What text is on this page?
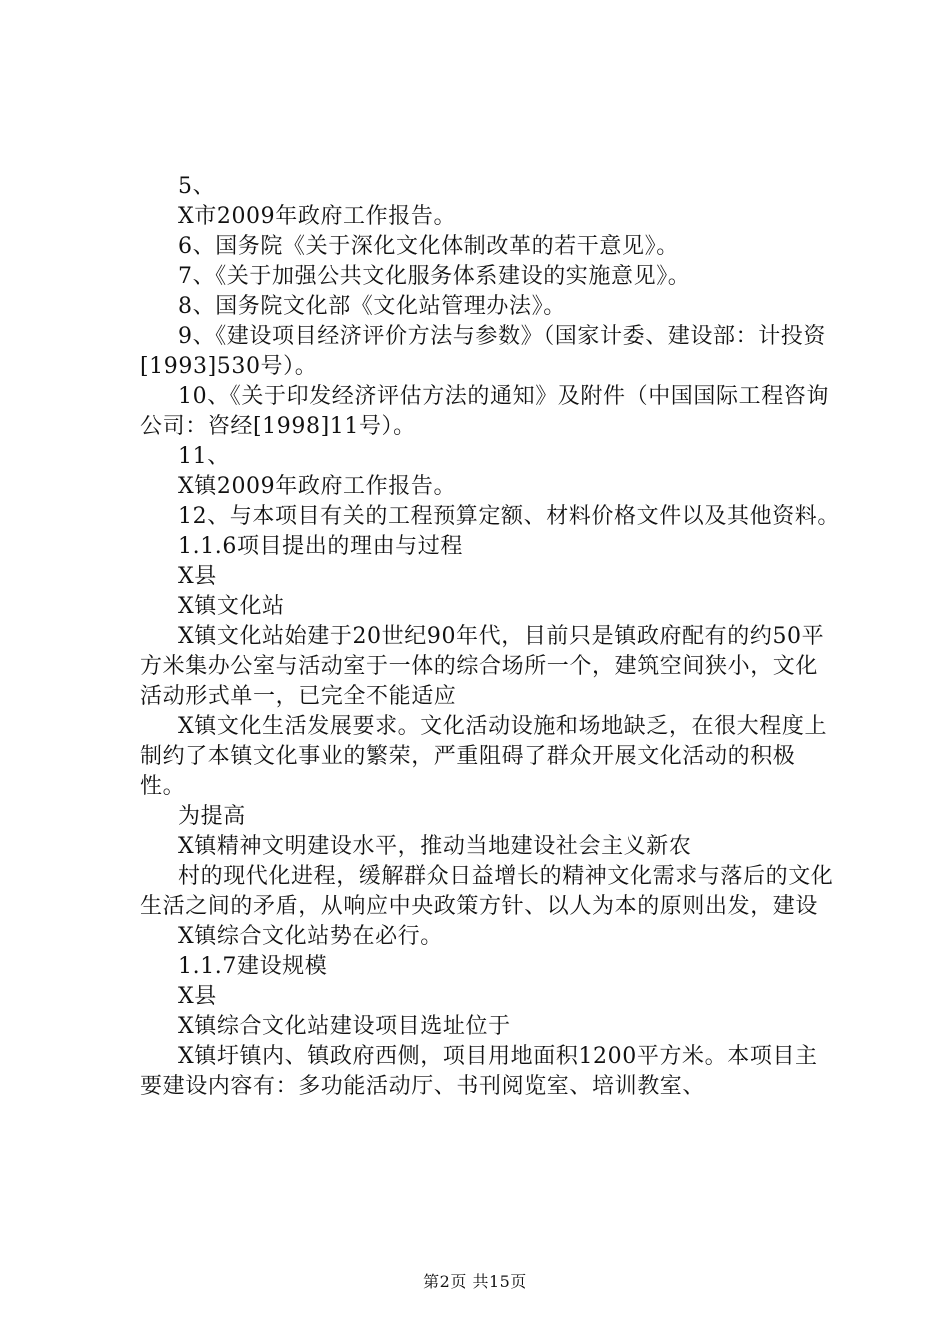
5、

X市2009年政府工作报告。

6、国务院《关于深化文化体制改革的若干意见》。

7、《关于加强公共文化服务体系建设的实施意见》。

8、国务院文化部《文化站管理办法》。

9、《建设项目经济评价方法与参数》（国家计委、建设部：计投资[1993]530号）。

10、《关于印发经济评估方法的通知》及附件（中国国际工程咨询公司：咨经[1998]11号）。

11、

X镇2009年政府工作报告。

12、与本项目有关的工程预算定额、材料价格文件以及其他资料。

1.1.6项目提出的理由与过程

X县

X镇文化站

X镇文化站始建于20世纪90年代，目前只是镇政府配有的约50平方米集办公室与活动室于一体的综合场所一个，建筑空间狭小，文化活动形式单一，已完全不能适应

X镇文化生活发展要求。文化活动设施和场地缺乏，在很大程度上制约了本镇文化事业的繁荣，严重阻碍了群众开展文化活动的积极性。

为提高

X镇精神文明建设水平，推动当地建设社会主义新农

村的现代化进程，缓解群众日益增长的精神文化需求与落后的文化生活之间的矛盾，从响应中央政策方针、以人为本的原则出发，建设

X镇综合文化站势在必行。

1.1.7建设规模

X县

X镇综合文化站建设项目选址位于

X镇圩镇内、镇政府西侧，项目用地面积1200平方米。本项目主要建设内容有：多功能活动厅、书刊阅览室、培训教室、

第2页 共15页
